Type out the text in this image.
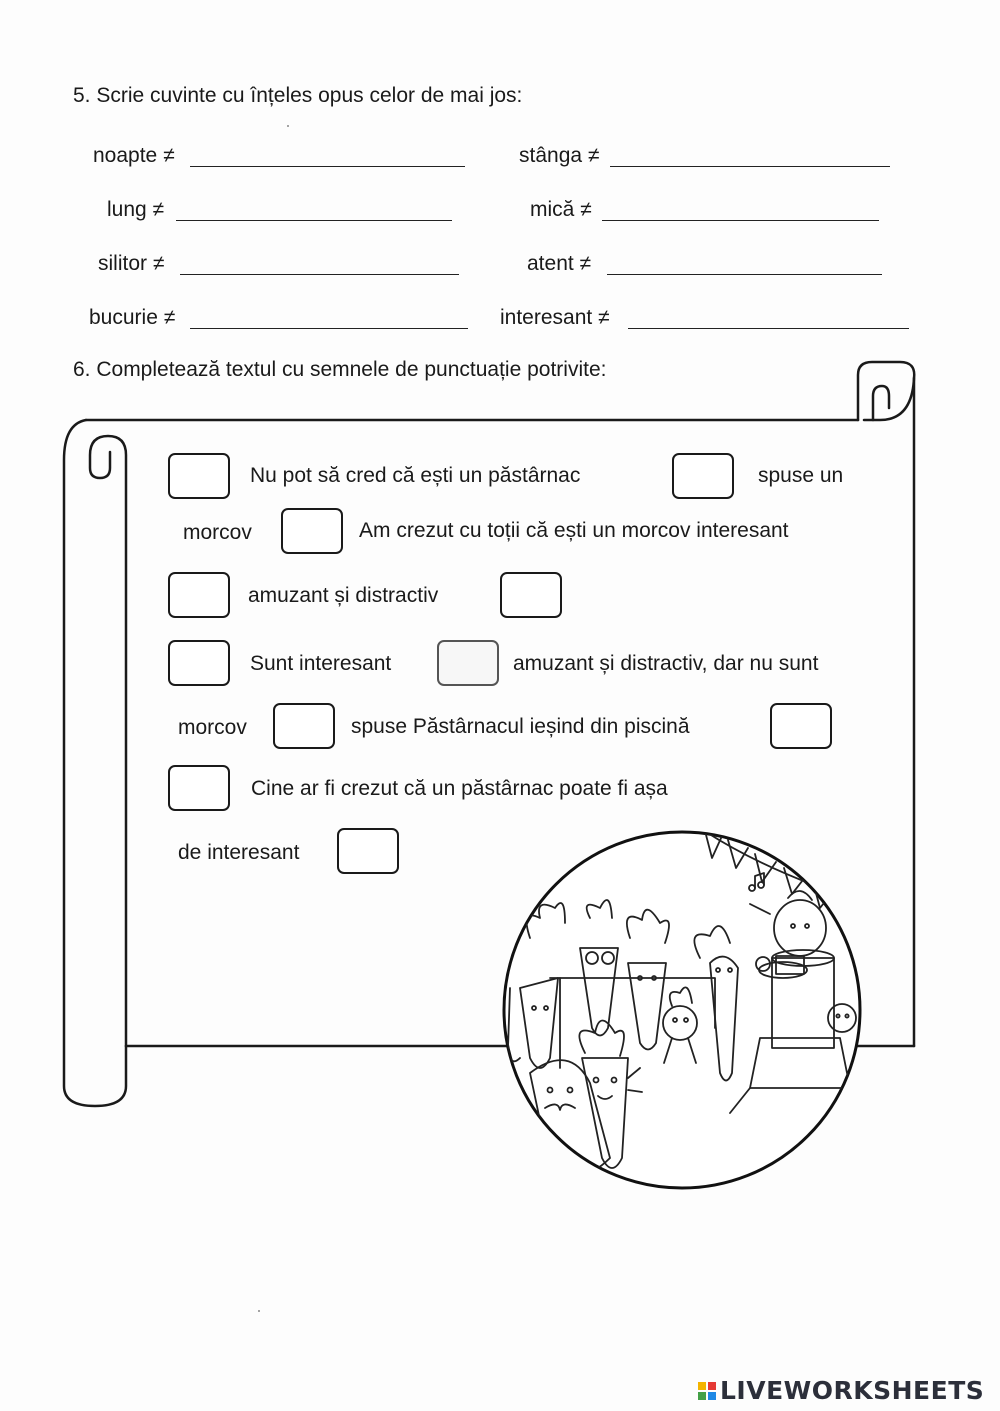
5. Scrie cuvinte cu înțeles opus celor de mai jos:
noapte ≠	stânga ≠
lung ≠	mică ≠
silitor ≠	atent ≠
bucurie ≠	interesant ≠
6. Completează textul cu semnele de punctuație potrivite:
Nu pot să cred că ești un păstârnac	spuse un
morcov	Am crezut cu toții că ești un morcov interesant
amuzant și distractiv
Sunt interesant	amuzant și distractiv, dar nu sunt
morcov	spuse Păstârnacul ieșind din piscină
Cine ar fi crezut că un păstârnac poate fi așa
de interesant
LIVEWORKSHEETS
